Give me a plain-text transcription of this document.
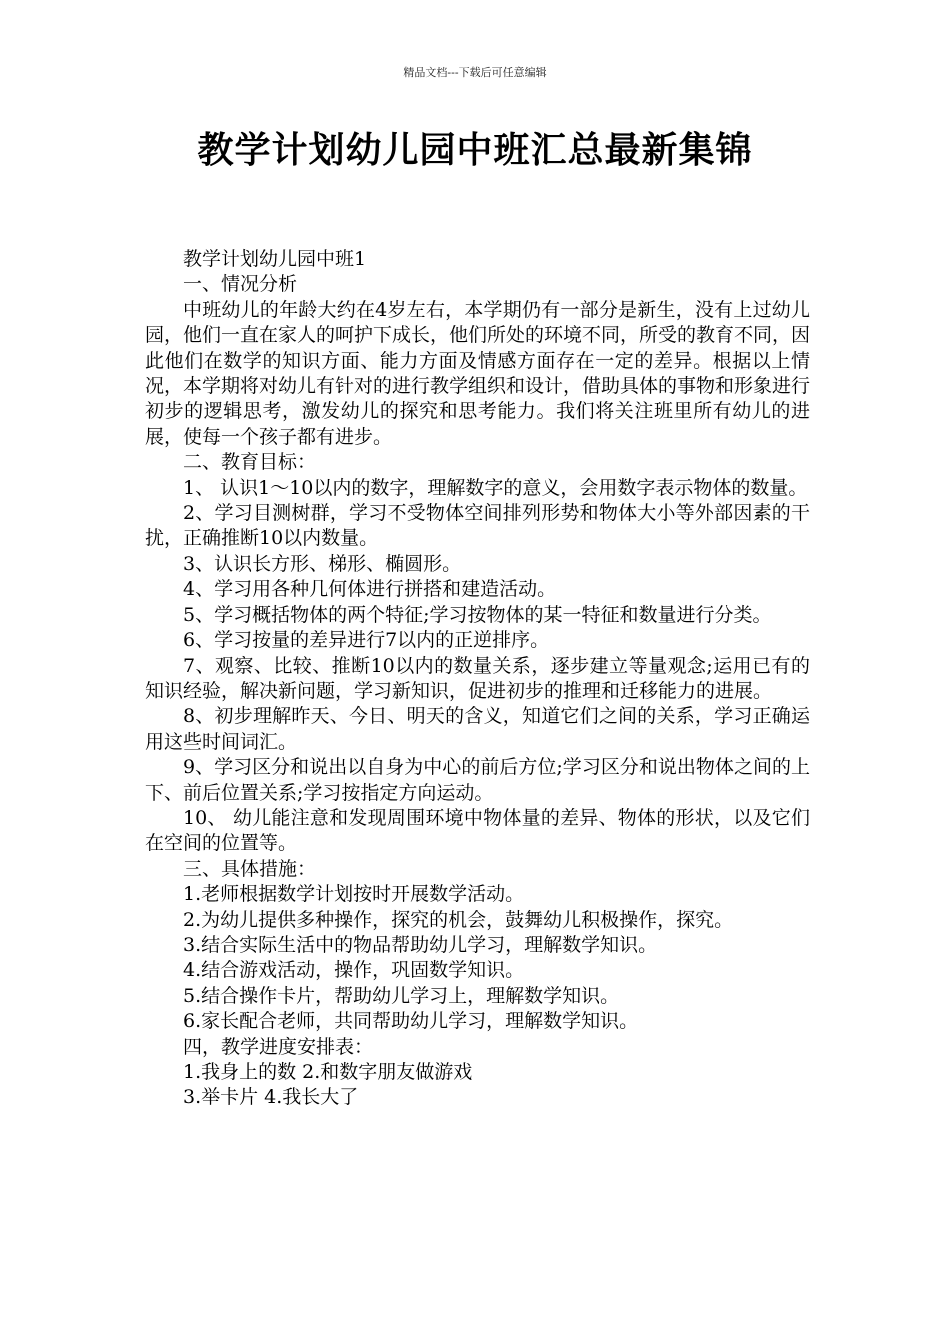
精品文档---下载后可任意编辑
教学计划幼儿园中班汇总最新集锦

教学计划幼儿园中班1

一、情况分析

中班幼儿的年龄大约在4岁左右，本学期仍有一部分是新生，没有上过幼儿园，他们一直在家人的呵护下成长，他们所处的环境不同，所受的教育不同，因此他们在数学的知识方面、能力方面及情感方面存在一定的差异。根据以上情况，本学期将对幼儿有针对的进行教学组织和设计，借助具体的事物和形象进行初步的逻辑思考，激发幼儿的探究和思考能力。我们将关注班里所有幼儿的进展，使每一个孩子都有进步。

二、教育目标：

1、 认识1～10以内的数字，理解数字的意义，会用数字表示物体的数量。

2、学习目测树群，学习不受物体空间排列形势和物体大小等外部因素的干扰，正确推断10以内数量。

3、认识长方形、梯形、椭圆形。

4、学习用各种几何体进行拼搭和建造活动。

5、学习概括物体的两个特征;学习按物体的某一特征和数量进行分类。

6、学习按量的差异进行7以内的正逆排序。

7、观察、比较、推断10以内的数量关系，逐步建立等量观念;运用已有的知识经验，解决新问题，学习新知识，促进初步的推理和迁移能力的进展。

8、初步理解昨天、今日、明天的含义，知道它们之间的关系，学习正确运用这些时间词汇。

9、学习区分和说出以自身为中心的前后方位;学习区分和说出物体之间的上下、前后位置关系;学习按指定方向运动。

10、 幼儿能注意和发现周围环境中物体量的差异、物体的形状，以及它们在空间的位置等。

三、具体措施：

1.老师根据数学计划按时开展数学活动。

2.为幼儿提供多种操作，探究的机会，鼓舞幼儿积极操作，探究。

3.结合实际生活中的物品帮助幼儿学习，理解数学知识。

4.结合游戏活动，操作，巩固数学知识。

5.结合操作卡片，帮助幼儿学习上，理解数学知识。

6.家长配合老师，共同帮助幼儿学习，理解数学知识。

四，教学进度安排表：

1.我身上的数 2.和数字朋友做游戏

3.举卡片 4.我长大了
